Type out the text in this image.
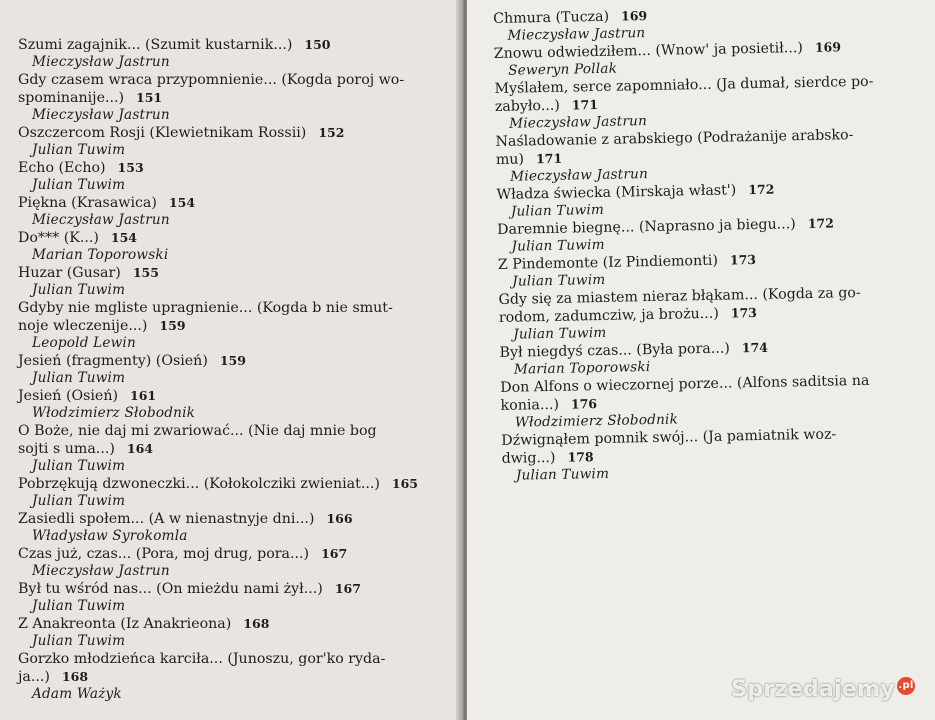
Szumi zagajnik... (Szumit kustarnik...) 150
Mieczysław Jastrun
Gdy czasem wraca przypomnienie... (Kogda poroj wo-
spominanije...) 151
Mieczysław Jastrun
Oszczercom Rosji (Klewietnikam Rossii) 152
Julian Tuwim
Echo (Echo) 153
Julian Tuwim
Piękna (Krasawica) 154
Mieczysław Jastrun
Do*** (K...) 154
Marian Toporowski
Huzar (Gusar) 155
Julian Tuwim
Gdyby nie mgliste upragnienie... (Kogda b nie smut-
noje wleczenije...) 159
Leopold Lewin
Jesień (fragmenty) (Osień) 159
Julian Tuwim
Jesień (Osień) 161
Włodzimierz Słobodnik
O Boże, nie daj mi zwariować... (Nie daj mnie bog
sojti s uma...) 164
Julian Tuwim
Pobrzękują dzwoneczki... (Kołokolcziki zwieniat...) 165
Julian Tuwim
Zasiedli społem... (A w nienastnyje dni...) 166
Władysław Syrokomla
Czas już, czas... (Pora, moj drug, pora...) 167
Mieczysław Jastrun
Był tu wśród nas... (On mieżdu nami żył...) 167
Julian Tuwim
Z Anakreonta (Iz Anakrieona) 168
Julian Tuwim
Gorzko młodzieńca karciła... (Junoszu, gor'ko ryda-
ja...) 168
Adam Ważyk
Chmura (Tucza) 169
Mieczysław Jastrun
Znowu odwiedziłem... (Wnow' ja posietił...) 169
Seweryn Pollak
Myślałem, serce zapomniało... (Ja dumał, sierdce po-
zabyło...) 171
Mieczysław Jastrun
Naśladowanie z arabskiego (Podrażanije arabsko-
mu) 171
Mieczysław Jastrun
Władza świecka (Mirskaja włast') 172
Julian Tuwim
Daremnie biegnę... (Naprasno ja biegu...) 172
Julian Tuwim
Z Pindemonte (Iz Pindiemonti) 173
Julian Tuwim
Gdy się za miastem nieraz błąkam... (Kogda za go-
rodom, zadumcziw, ja brożu...) 173
Julian Tuwim
Był niegdyś czas... (Była pora...) 174
Marian Toporowski
Don Alfons o wieczornej porze... (Alfons saditsia na
konia...) 176
Włodzimierz Słobodnik
Dźwignąłem pomnik swój... (Ja pamiatnik woz-
dwig...) 178
Julian Tuwim
Sprzedajemy .pl
